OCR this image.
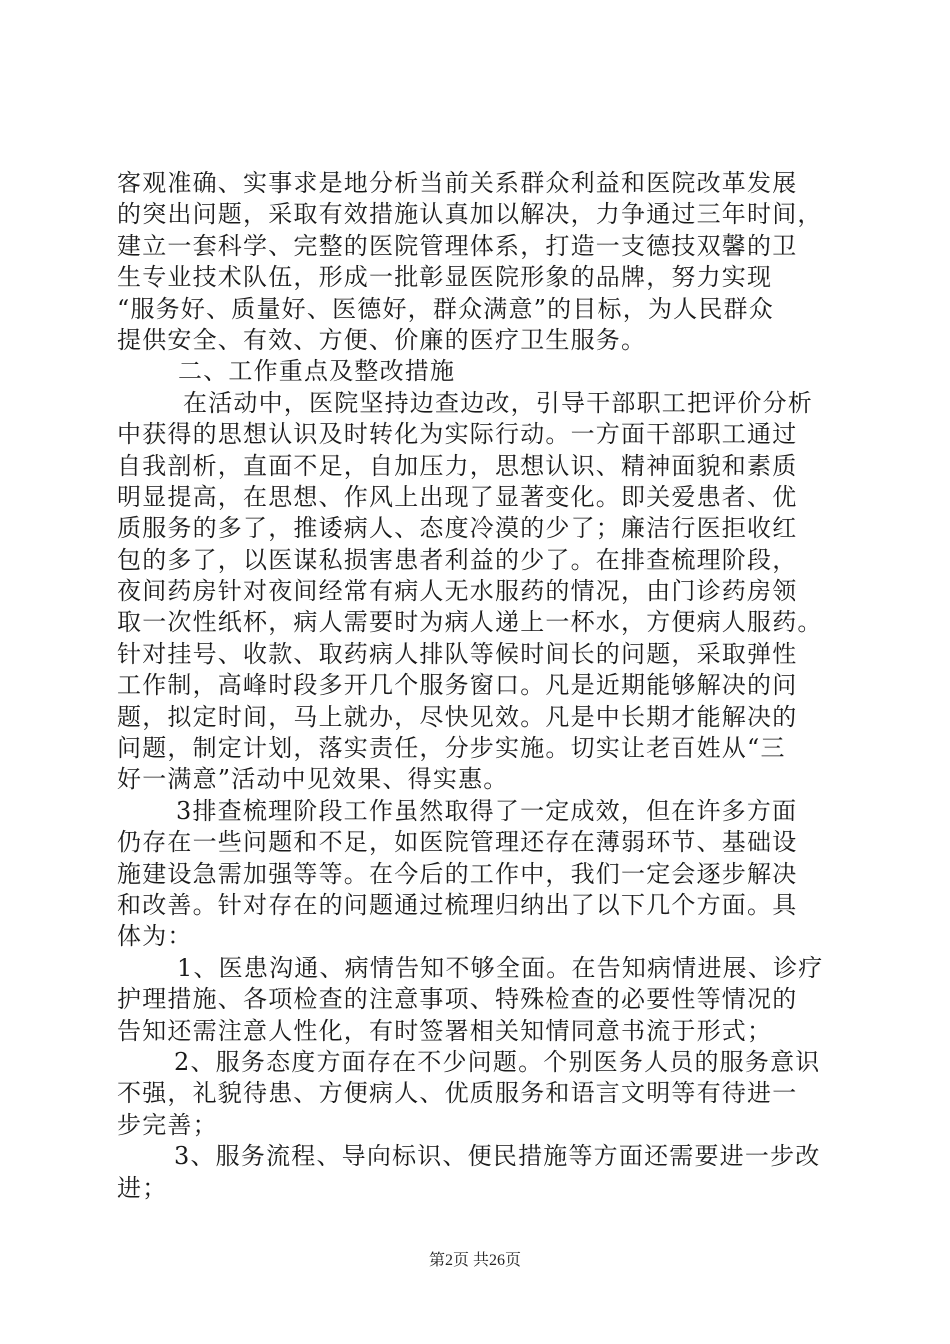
客观准确、实事求是地分析当前关系群众利益和医院改革发展
的突出问题，采取有效措施认真加以解决，力争通过三年时间，
建立一套科学、完整的医院管理体系，打造一支德技双馨的卫
生专业技术队伍，形成一批彰显医院形象的品牌，努力实现
“服务好、质量好、医德好，群众满意”的目标，为人民群众
提供安全、有效、方便、价廉的医疗卫生服务。
二、工作重点及整改措施
在活动中，医院坚持边查边改，引导干部职工把评价分析
中获得的思想认识及时转化为实际行动。一方面干部职工通过
自我剖析，直面不足，自加压力，思想认识、精神面貌和素质
明显提高，在思想、作风上出现了显著变化。即关爱患者、优
质服务的多了，推诿病人、态度冷漠的少了；廉洁行医拒收红
包的多了，以医谋私损害患者利益的少了。在排查梳理阶段，
夜间药房针对夜间经常有病人无水服药的情况，由门诊药房领
取一次性纸杯，病人需要时为病人递上一杯水，方便病人服药。
针对挂号、收款、取药病人排队等候时间长的问题，采取弹性
工作制，高峰时段多开几个服务窗口。凡是近期能够解决的问
题，拟定时间，马上就办，尽快见效。凡是中长期才能解决的
问题，制定计划，落实责任，分步实施。切实让老百姓从“三
好一满意”活动中见效果、得实惠。
3排查梳理阶段工作虽然取得了一定成效，但在许多方面
仍存在一些问题和不足，如医院管理还存在薄弱环节、基础设
施建设急需加强等等。在今后的工作中，我们一定会逐步解决
和改善。针对存在的问题通过梳理归纳出了以下几个方面。具
体为：
1、医患沟通、病情告知不够全面。在告知病情进展、诊疗
护理措施、各项检查的注意事项、特殊检查的必要性等情况的
告知还需注意人性化，有时签署相关知情同意书流于形式；
2、服务态度方面存在不少问题。个别医务人员的服务意识
不强，礼貌待患、方便病人、优质服务和语言文明等有待进一
步完善；
3、服务流程、导向标识、便民措施等方面还需要进一步改
进；
第2页 共26页
